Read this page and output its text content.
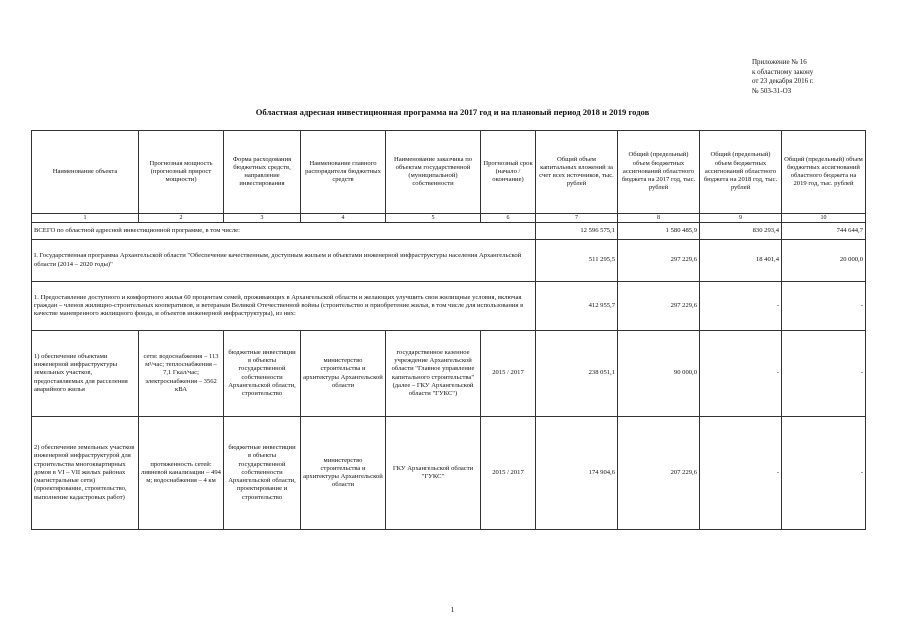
Приложение № 16
к областному закону
от 23 декабря 2016 г.
№ 503-31-ОЗ
Областная адресная инвестиционная программа на 2017 год и на плановый период 2018 и 2019 годов
Наименование объекта	Прогнозная мощность (прогнозный прирост мощности)	Форма расходования бюджетных средств, направление инвестирования	Наименование главного распорядителя бюджетных средств	Наименование заказчика по объектам государственной (муниципальной) собственности	Прогнозный срок (начало / окончание)	Общий объем капитальных вложений за счет всех источников, тыс. рублей	Общий (предельный) объем бюджетных ассигнований областного бюджета на 2017 год, тыс. рублей	Общий (предельный) объем бюджетных ассигнований областного бюджета на 2018 год, тыс. рублей	Общий (предельный) объем бюджетных ассигнований областного бюджета на 2019 год, тыс. рублей
1	2	3	4	5	6	7	8	9	10
ВСЕГО по областной адресной инвестиционной программе, в том числе:						12 596 575,1	1 580 485,9	830 293,4	744 644,7
I. Государственная программа Архангельской области "Обеспечение качественным, доступным жильем и объектами инженерной инфраструктуры населения Архангельской области (2014 – 2020 годы)"						511 295,5	297 229,6	18 401,4	20 000,0
1. Предоставление доступного и комфортного жилья 60 процентам семей, проживающих в Архангельской области и желающих улучшить свои жилищные условия, включая граждан – членов жилищно-строительных кооперативов, и ветеранам Великой Отечественной войны (строительство и приобретение жилья, в том числе для использования в качестве маневренного жилищного фонда, и объектов инженерной инфраструктуры), из них:						412 955,7	297 229,6	-	-
1) обеспечение объектами инженерной инфраструктуры земельных участков, предоставляемых для расселения аварийного жилья	сети: водоснабжения – 113 м³/час; теплоснабжения – 7,1 Гкал/час; электроснабжения – 3562 кВА	бюджетные инвестиции в объекты государственной собственности Архангельской области, строительство	министерство строительства и архитектуры Архангельской области	государственное казенное учреждение Архангельской области "Главное управление капитального строительства" (далее – ГКУ Архангельской области "ГУКС")	2015 / 2017	238 051,1	90 000,0	-	-
2) обеспечение земельных участков инженерной инфраструктурой для строительства многоквартирных домов в VI – VII жилых районах (магистральные сети) (проектирование, строительство, выполнение кадастровых работ)	протяженность сетей: ливневой канализации – 494 м; водоснабжения – 4 км	бюджетные инвестиции в объекты государственной собственности Архангельской области, проектирование и строительство	министерство строительства и архитектуры Архангельской области	ГКУ Архангельской области "ГУКС"	2015 / 2017	174 904,6	207 229,6	-	-
1
